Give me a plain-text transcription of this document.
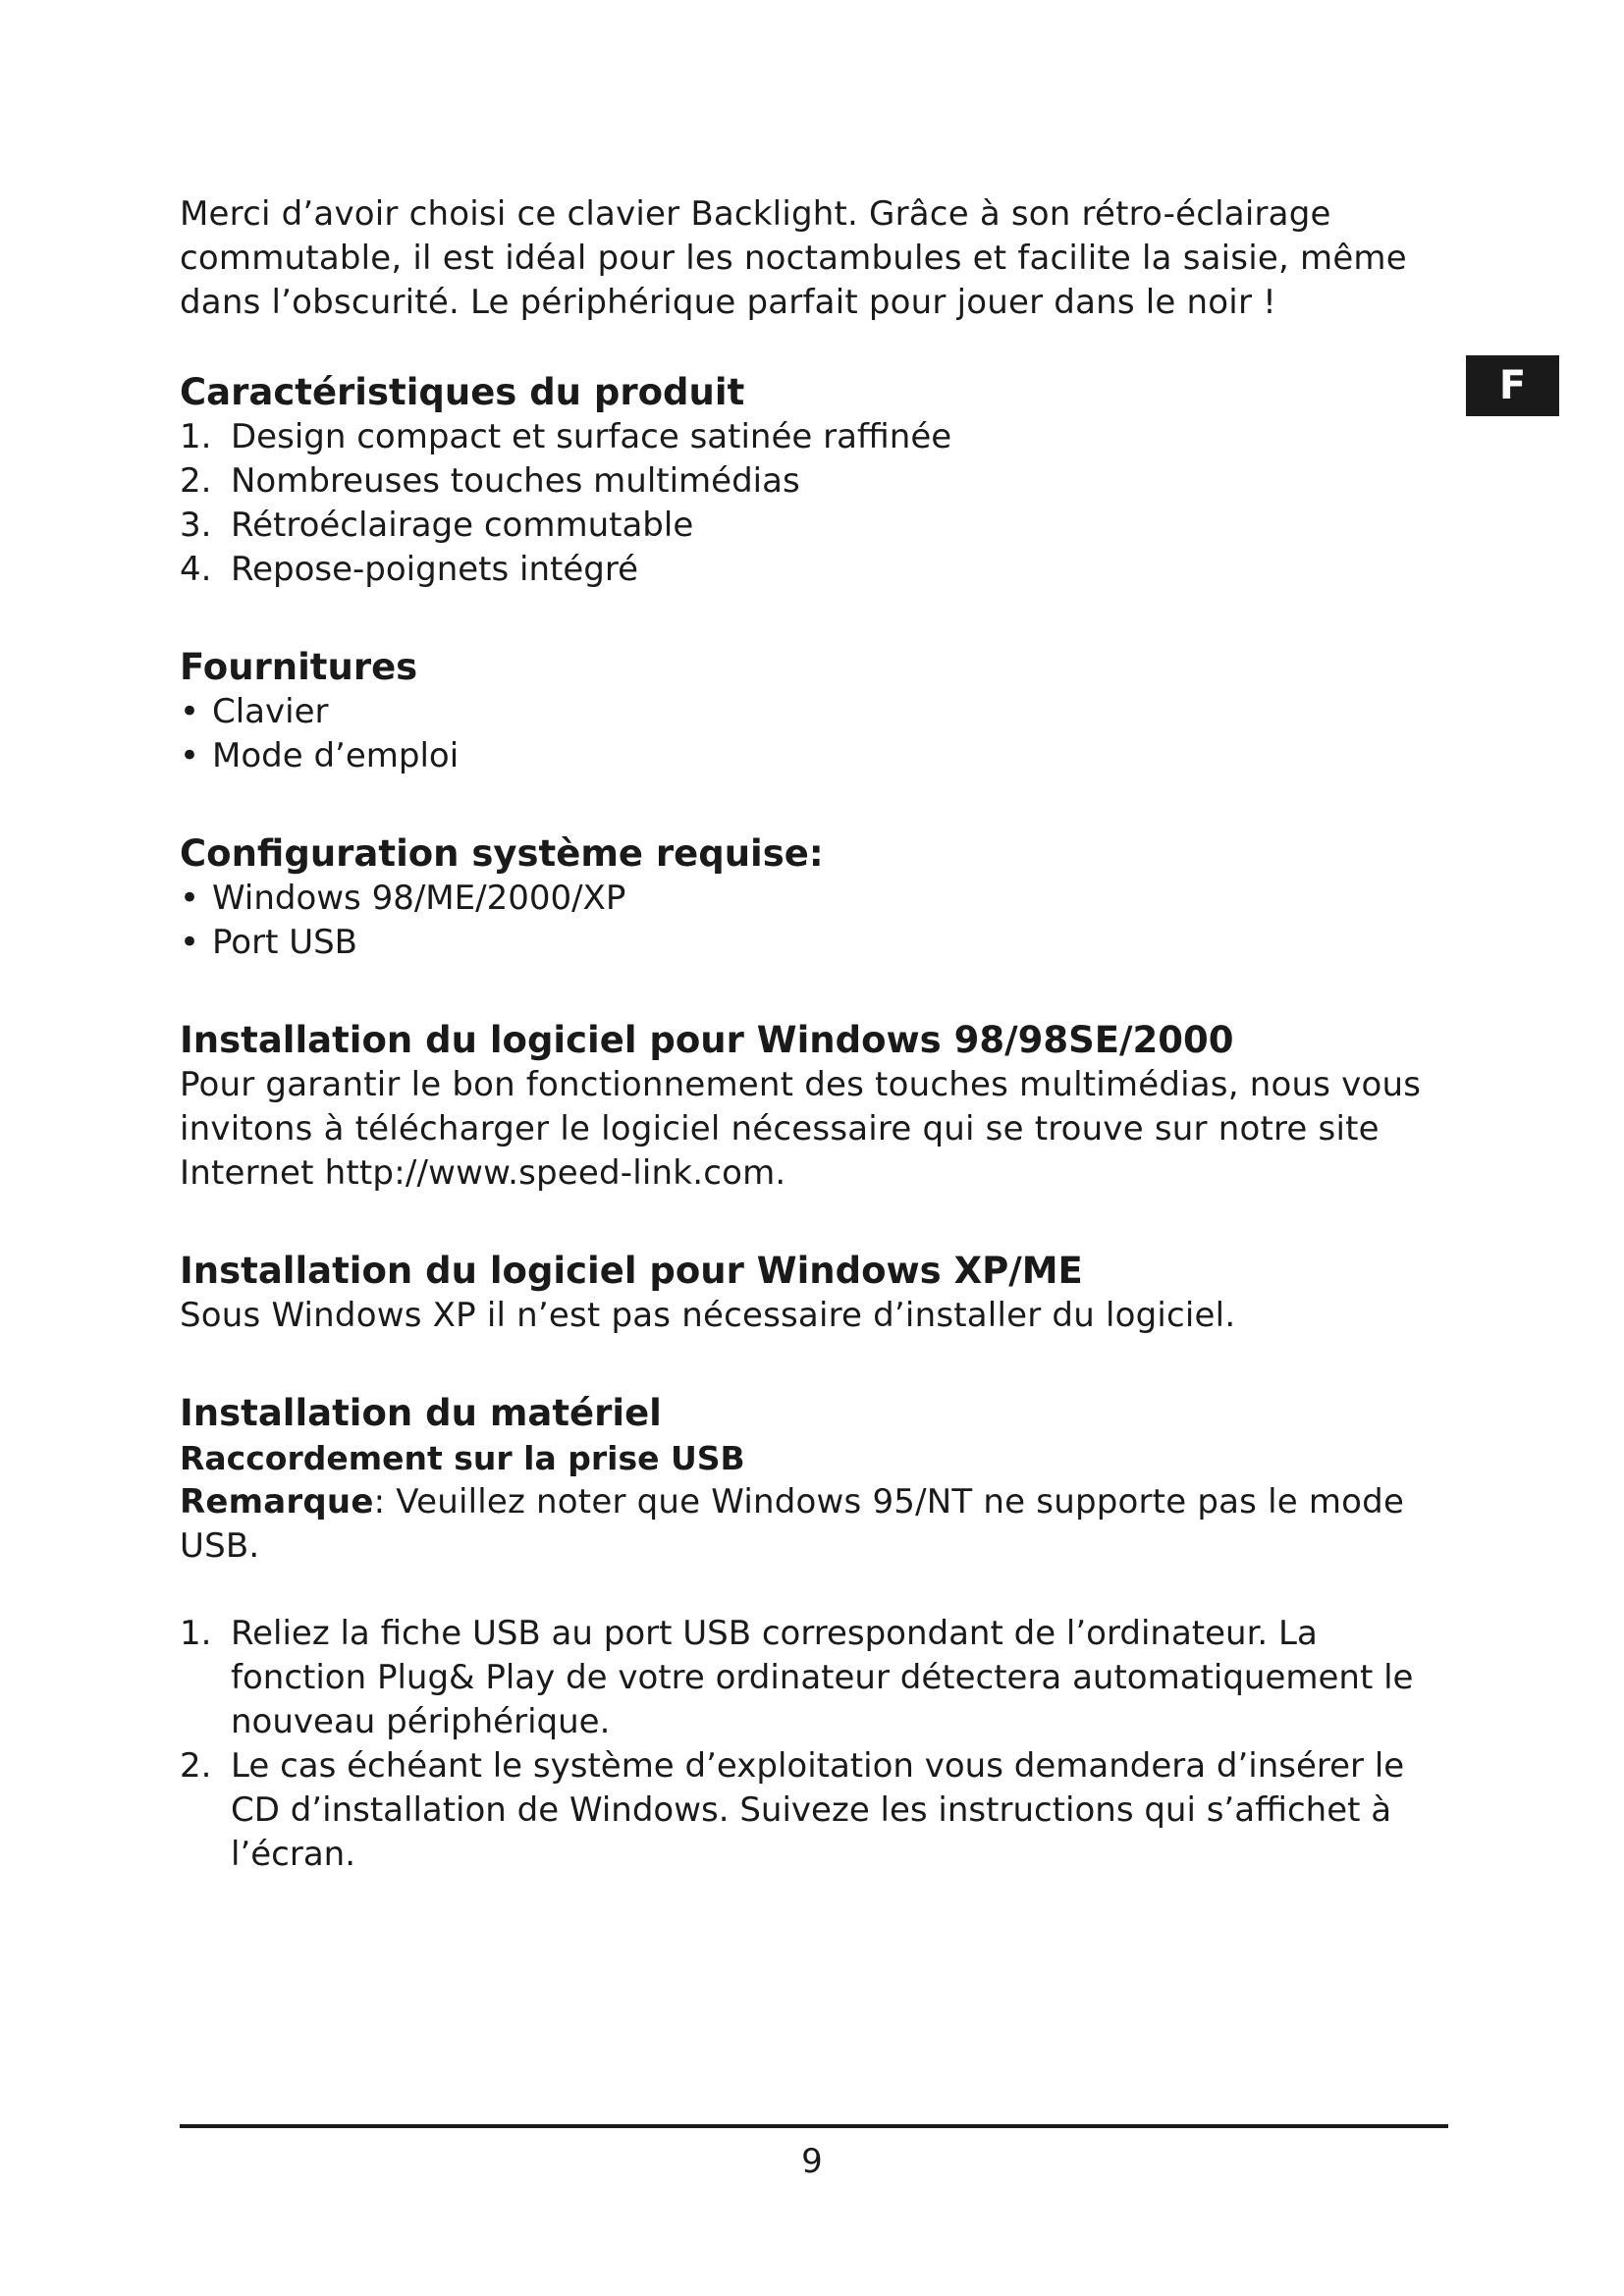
F

Merci d’avoir choisi ce clavier Backlight. Grâce à son rétro-éclairage commutable, il est idéal pour les noctambules et facilite la saisie, même dans l’obscurité. Le périphérique parfait pour jouer dans le noir !

Caractéristiques du produit
1. Design compact et surface satinée raffinée
2. Nombreuses touches multimédias
3. Rétroéclairage commutable
4. Repose-poignets intégré
Fournitures
• Clavier
• Mode d’emploi
Configuration système requise:
• Windows 98/ME/2000/XP
• Port USB
Installation du logiciel pour Windows 98/98SE/2000

Pour garantir le bon fonctionnement des touches multimédias, nous vous invitons à télécharger le logiciel nécessaire qui se trouve sur notre site Internet http://www.speed-link.com.

Installation du logiciel pour Windows XP/ME

Sous Windows XP il n’est pas nécessaire d’installer du logiciel.

Installation du matériel
Raccordement sur la prise USB

Remarque: Veuillez noter que Windows 95/NT ne supporte pas le mode USB.

1. Reliez la fiche USB au port USB correspondant de l’ordinateur. La fonction Plug& Play de votre ordinateur détectera automatiquement le nouveau périphérique.
2. Le cas échéant le système d’exploitation vous demandera d’insérer le CD d’installation de Windows. Suiveze les instructions qui s’affichet à l’écran.
9
